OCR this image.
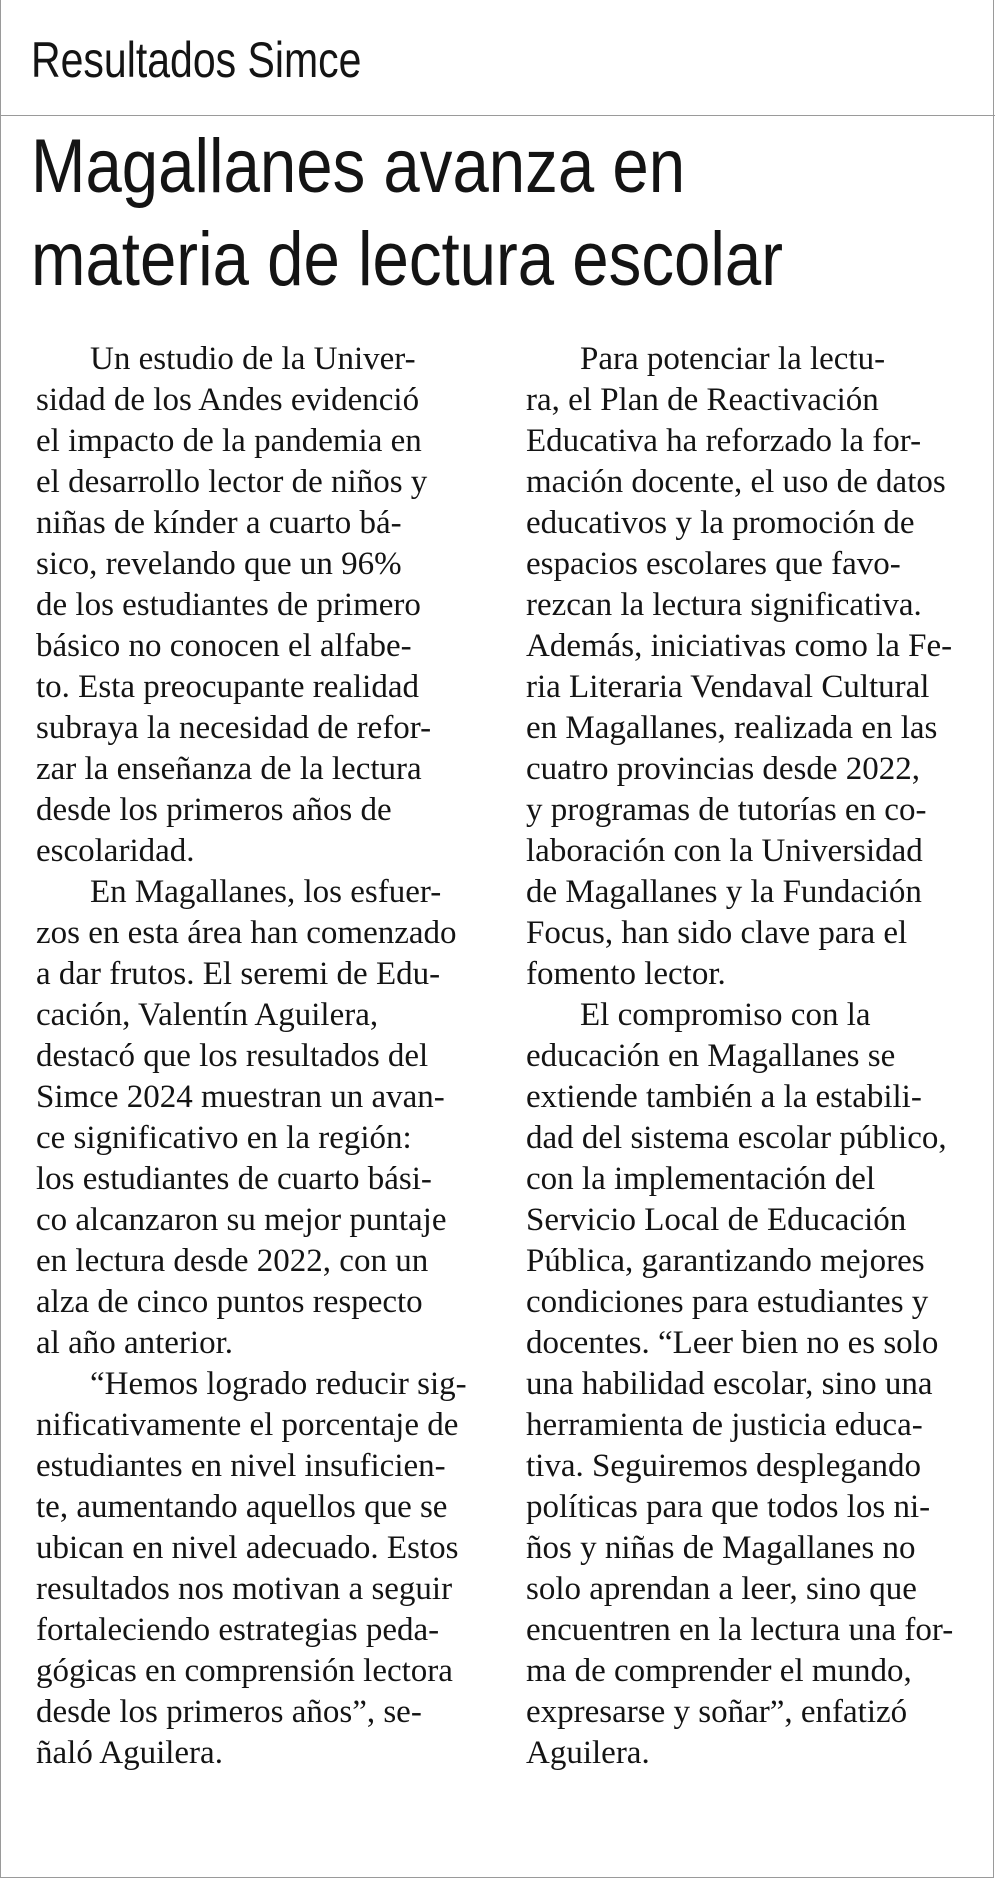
Resultados Simce
Magallanes avanza en
materia de lectura escolar
Un estudio de la Univer-
sidad de los Andes evidenció
el impacto de la pandemia en
el desarrollo lector de niños y
niñas de kínder a cuarto bá-
sico, revelando que un 96%
de los estudiantes de primero
básico no conocen el alfabe-
to. Esta preocupante realidad
subraya la necesidad de refor-
zar la enseñanza de la lectura
desde los primeros años de
escolaridad.
En Magallanes, los esfuer-
zos en esta área han comenzado
a dar frutos. El seremi de Edu-
cación, Valentín Aguilera,
destacó que los resultados del
Simce 2024 muestran un avan-
ce significativo en la región:
los estudiantes de cuarto bási-
co alcanzaron su mejor puntaje
en lectura desde 2022, con un
alza de cinco puntos respecto
al año anterior.
“Hemos logrado reducir sig-
nificativamente el porcentaje de
estudiantes en nivel insuficien-
te, aumentando aquellos que se
ubican en nivel adecuado. Estos
resultados nos motivan a seguir
fortaleciendo estrategias peda-
gógicas en comprensión lectora
desde los primeros años”, se-
ñaló Aguilera.
Para potenciar la lectu-
ra, el Plan de Reactivación
Educativa ha reforzado la for-
mación docente, el uso de datos
educativos y la promoción de
espacios escolares que favo-
rezcan la lectura significativa.
Además, iniciativas como la Fe-
ria Literaria Vendaval Cultural
en Magallanes, realizada en las
cuatro provincias desde 2022,
y programas de tutorías en co-
laboración con la Universidad
de Magallanes y la Fundación
Focus, han sido clave para el
fomento lector.
El compromiso con la
educación en Magallanes se
extiende también a la estabili-
dad del sistema escolar público,
con la implementación del
Servicio Local de Educación
Pública, garantizando mejores
condiciones para estudiantes y
docentes. “Leer bien no es solo
una habilidad escolar, sino una
herramienta de justicia educa-
tiva. Seguiremos desplegando
políticas para que todos los ni-
ños y niñas de Magallanes no
solo aprendan a leer, sino que
encuentren en la lectura una for-
ma de comprender el mundo,
expresarse y soñar”, enfatizó
Aguilera.
